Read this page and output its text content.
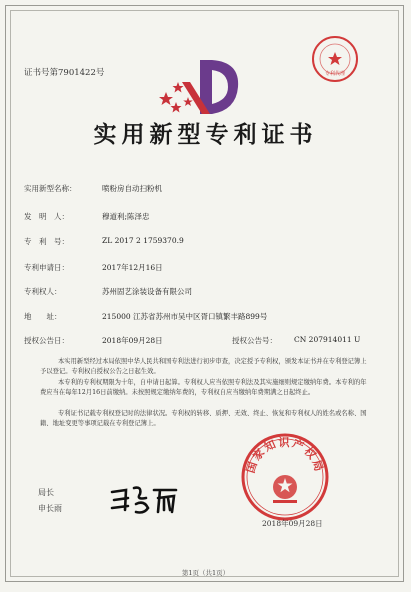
专利代理
证书号第7901422号
实用新型专利证书
实用新型名称：	喷粉房自动扫粉机
发　明　人：	穆道利;陈泽忠
专　利　号：	ZL 2017 2 1759370.9
专利申请日：	2017年12月16日
专利权人：	苏州固艺涂装设备有限公司
地　　址：	215000 江苏省苏州市吴中区胥口镇繁丰路899号
授权公告日：	2018年09月28日	授权公告号： CN 207914011 U
本实用新型经过本局依照中华人民共和国专利法进行初步审查，决定授予专利权，颁发本证书并在专利登记簿上予以登记。专利权自授权公告之日起生效。
本专利的专利权期限为十年，自申请日起算。专利权人应当依照专利法及其实施细则规定缴纳年费。本专利的年费应当在每年12月16日前缴纳。未按照规定缴纳年费的，专利权自应当缴纳年费期满之日起终止。
专利证书记载专利权登记时的法律状况。专利权的转移、质押、无效、终止、恢复和专利权人的姓名或名称、国籍、地址变更等事项记载在专利登记簿上。
国家知识产权局
局长
申长雨
2018年09月28日
第1页（共1页）
